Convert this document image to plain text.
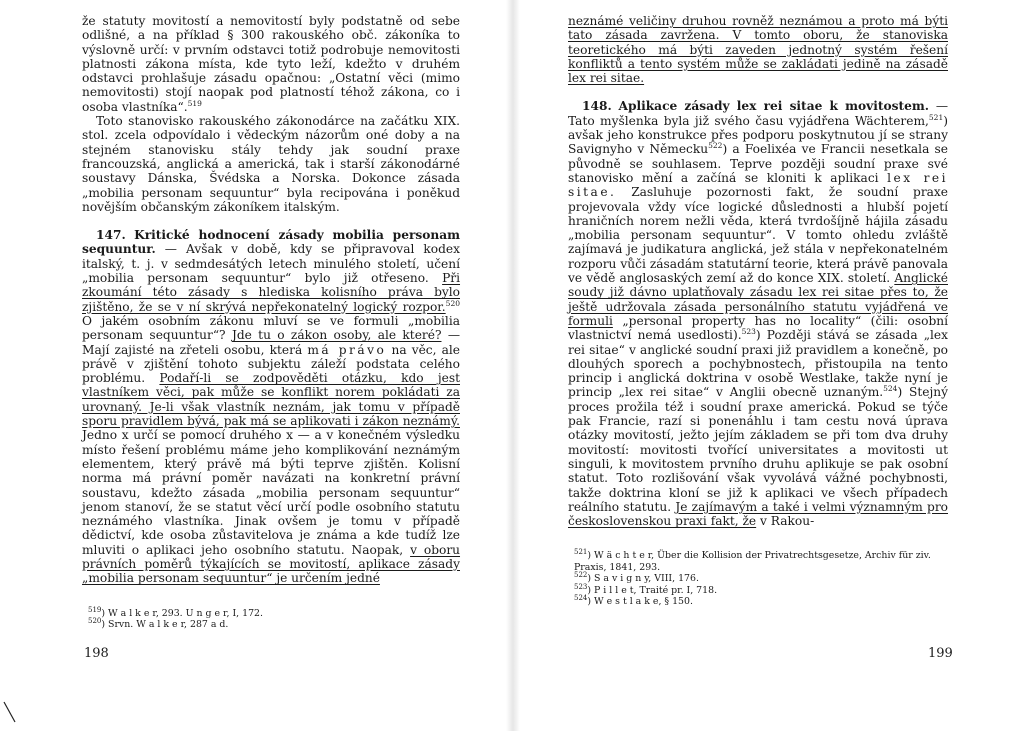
že statuty movitostí a nemovitostí byly podstatně od sebe odlišné, a na příklad § 300 rakouského obč. zákoníka to výslovně určí: v prvním odstavci totiž podrobuje nemovitosti platnosti zákona místa, kde tyto leží, kdežto v druhém odstavci prohlašuje zásadu opačnou: „Ostatní věci (mimo nemovitosti) stojí naopak pod platností téhož zákona, co i osoba vlastníka“.$^{519}$

Toto stanovisko rakouského zákonodárce na začátku XIX. stol. zcela odpovídalo i vědeckým názorům oné doby a na stejném stanovisku stály tehdy jak soudní praxe francouzská, anglická a americká, tak i starší zákonodárné soustavy Dánska, Švédska a Norska. Dokonce zásada „mobilia personam sequuntur“ byla recipována i poněkud novějším občanským zákoníkem italským.

147. Kritické hodnocení zásady mobilia personam sequuntur. — Avšak v době, kdy se připravoval kodex italský, t. j. v sedmdesátých letech minulého století, učení „mobilia personam sequuntur“ bylo již otřeseno. Při zkoumání této zásady s hlediska kolisního práva bylo zjištěno, že se v ní skrývá nepřekonatelný logický rozpor.$^{520}$ O jakém osobním zákonu mluví se ve formuli „mobilia personam sequuntur“? Jde tu o zákon osoby, ale které? — Mají zajisté na zřeteli osobu, která má právo na věc, ale právě v zjištění tohoto subjektu záleží podstata celého problému. Podaří-li se zodpověděti otázku, kdo jest vlastníkem věci, pak může se konflikt norem pokládati za urovnaný. Je-li však vlastník neznám, jak tomu v případě sporu pravidlem bývá, pak má se aplikovati i zákon neznámý. Jedno x určí se pomocí druhého x — a v konečném výsledku místo řešení problému máme jeho komplikování neznámým elementem, který právě má býti teprve zjištěn. Kolisní norma má právní poměr navázati na konkretní právní soustavu, kdežto zásada „mobilia personam sequuntur“ jenom stanoví, že se statut věcí určí podle osobního statutu neznámého vlastníka. Jinak ovšem je tomu v případě dědictví, kde osoba zůstavitelova je známa a kde tudíž lze mluviti o aplikaci jeho osobního statutu. Naopak, v oboru právních poměrů týkajících se movitostí, aplikace zásady „mobilia personam sequuntur“ je určením jedné

$^{519}$) W a l k e r, 293. U n g e r, I, 172.
$^{520}$) Srvn. W a l k e r, 287 a d.
198

neznámé veličiny druhou rovněž neznámou a proto má býti tato zásada zavržena. V tomto oboru, že stanoviska teoretického má býti zaveden jednotný systém řešení konfliktů a tento systém může se zakládati jedině na zásadě lex rei sitae.

148. Aplikace zásady lex rei sitae k movitostem. — Tato myšlenka byla již svého času vyjádřena Wächterem,$^{521}$) avšak jeho konstrukce přes podporu poskytnutou jí se strany Savignyho v Německu$^{522}$) a Foelixéa ve Francii nesetkala se původně se souhlasem. Teprve později soudní praxe své stanovisko mění a začíná se kloniti k aplikaci lex rei sitae. Zasluhuje pozornosti fakt, že soudní praxe projevovala vždy více logické důslednosti a hlubší pojetí hraničních norem nežli věda, která tvrdošíjně hájila zásadu „mobilia personam sequuntur“. V tomto ohledu zvláště zajímavá je judikatura anglická, jež stála v nepřekonatelném rozporu vůči zásadám statutární teorie, která právě panovala ve vědě anglosaských zemí až do konce XIX. století. Anglické soudy již dávno uplatňovaly zásadu lex rei sitae přes to, že ještě udržovala zásada personálního statutu vyjádřená ve formuli „personal property has no locality“ (čili: osobní vlastnictví nemá usedlosti).$^{523}$) Později stává se zásada „lex rei sitae“ v anglické soudní praxi již pravidlem a konečně, po dlouhých sporech a pochybnostech, přistoupila na tento princip i anglická doktrina v osobě Westlake, takže nyní je princip „lex rei sitae“ v Anglii obecně uznaným.$^{524}$) Stejný proces prožila též i soudní praxe americká. Pokud se týče pak Francie, razí si ponenáhlu i tam cestu nová úprava otázky movitostí, ježto jejím základem se při tom dva druhy movitostí: movitosti tvořící universitates a movitosti ut singuli, k movitostem prvního druhu aplikuje se pak osobní statut. Toto rozlišování však vyvolává vážné pochybnosti, takže doktrina kloní se již k aplikaci ve všech případech reálního statutu. Je zajímavým a také i velmi významným pro československou praxi fakt, že v Rakou-

$^{521}$) W ä c h t e r, Über die Kollision der Privatrechtsgesetze, Archiv für ziv. Praxis, 1841, 293.
$^{522}$) S a v i g n y, VIII, 176.
$^{523}$) P i l l e t, Traité pr. I, 718.
$^{524}$) W e s t l a k e, § 150.
199
